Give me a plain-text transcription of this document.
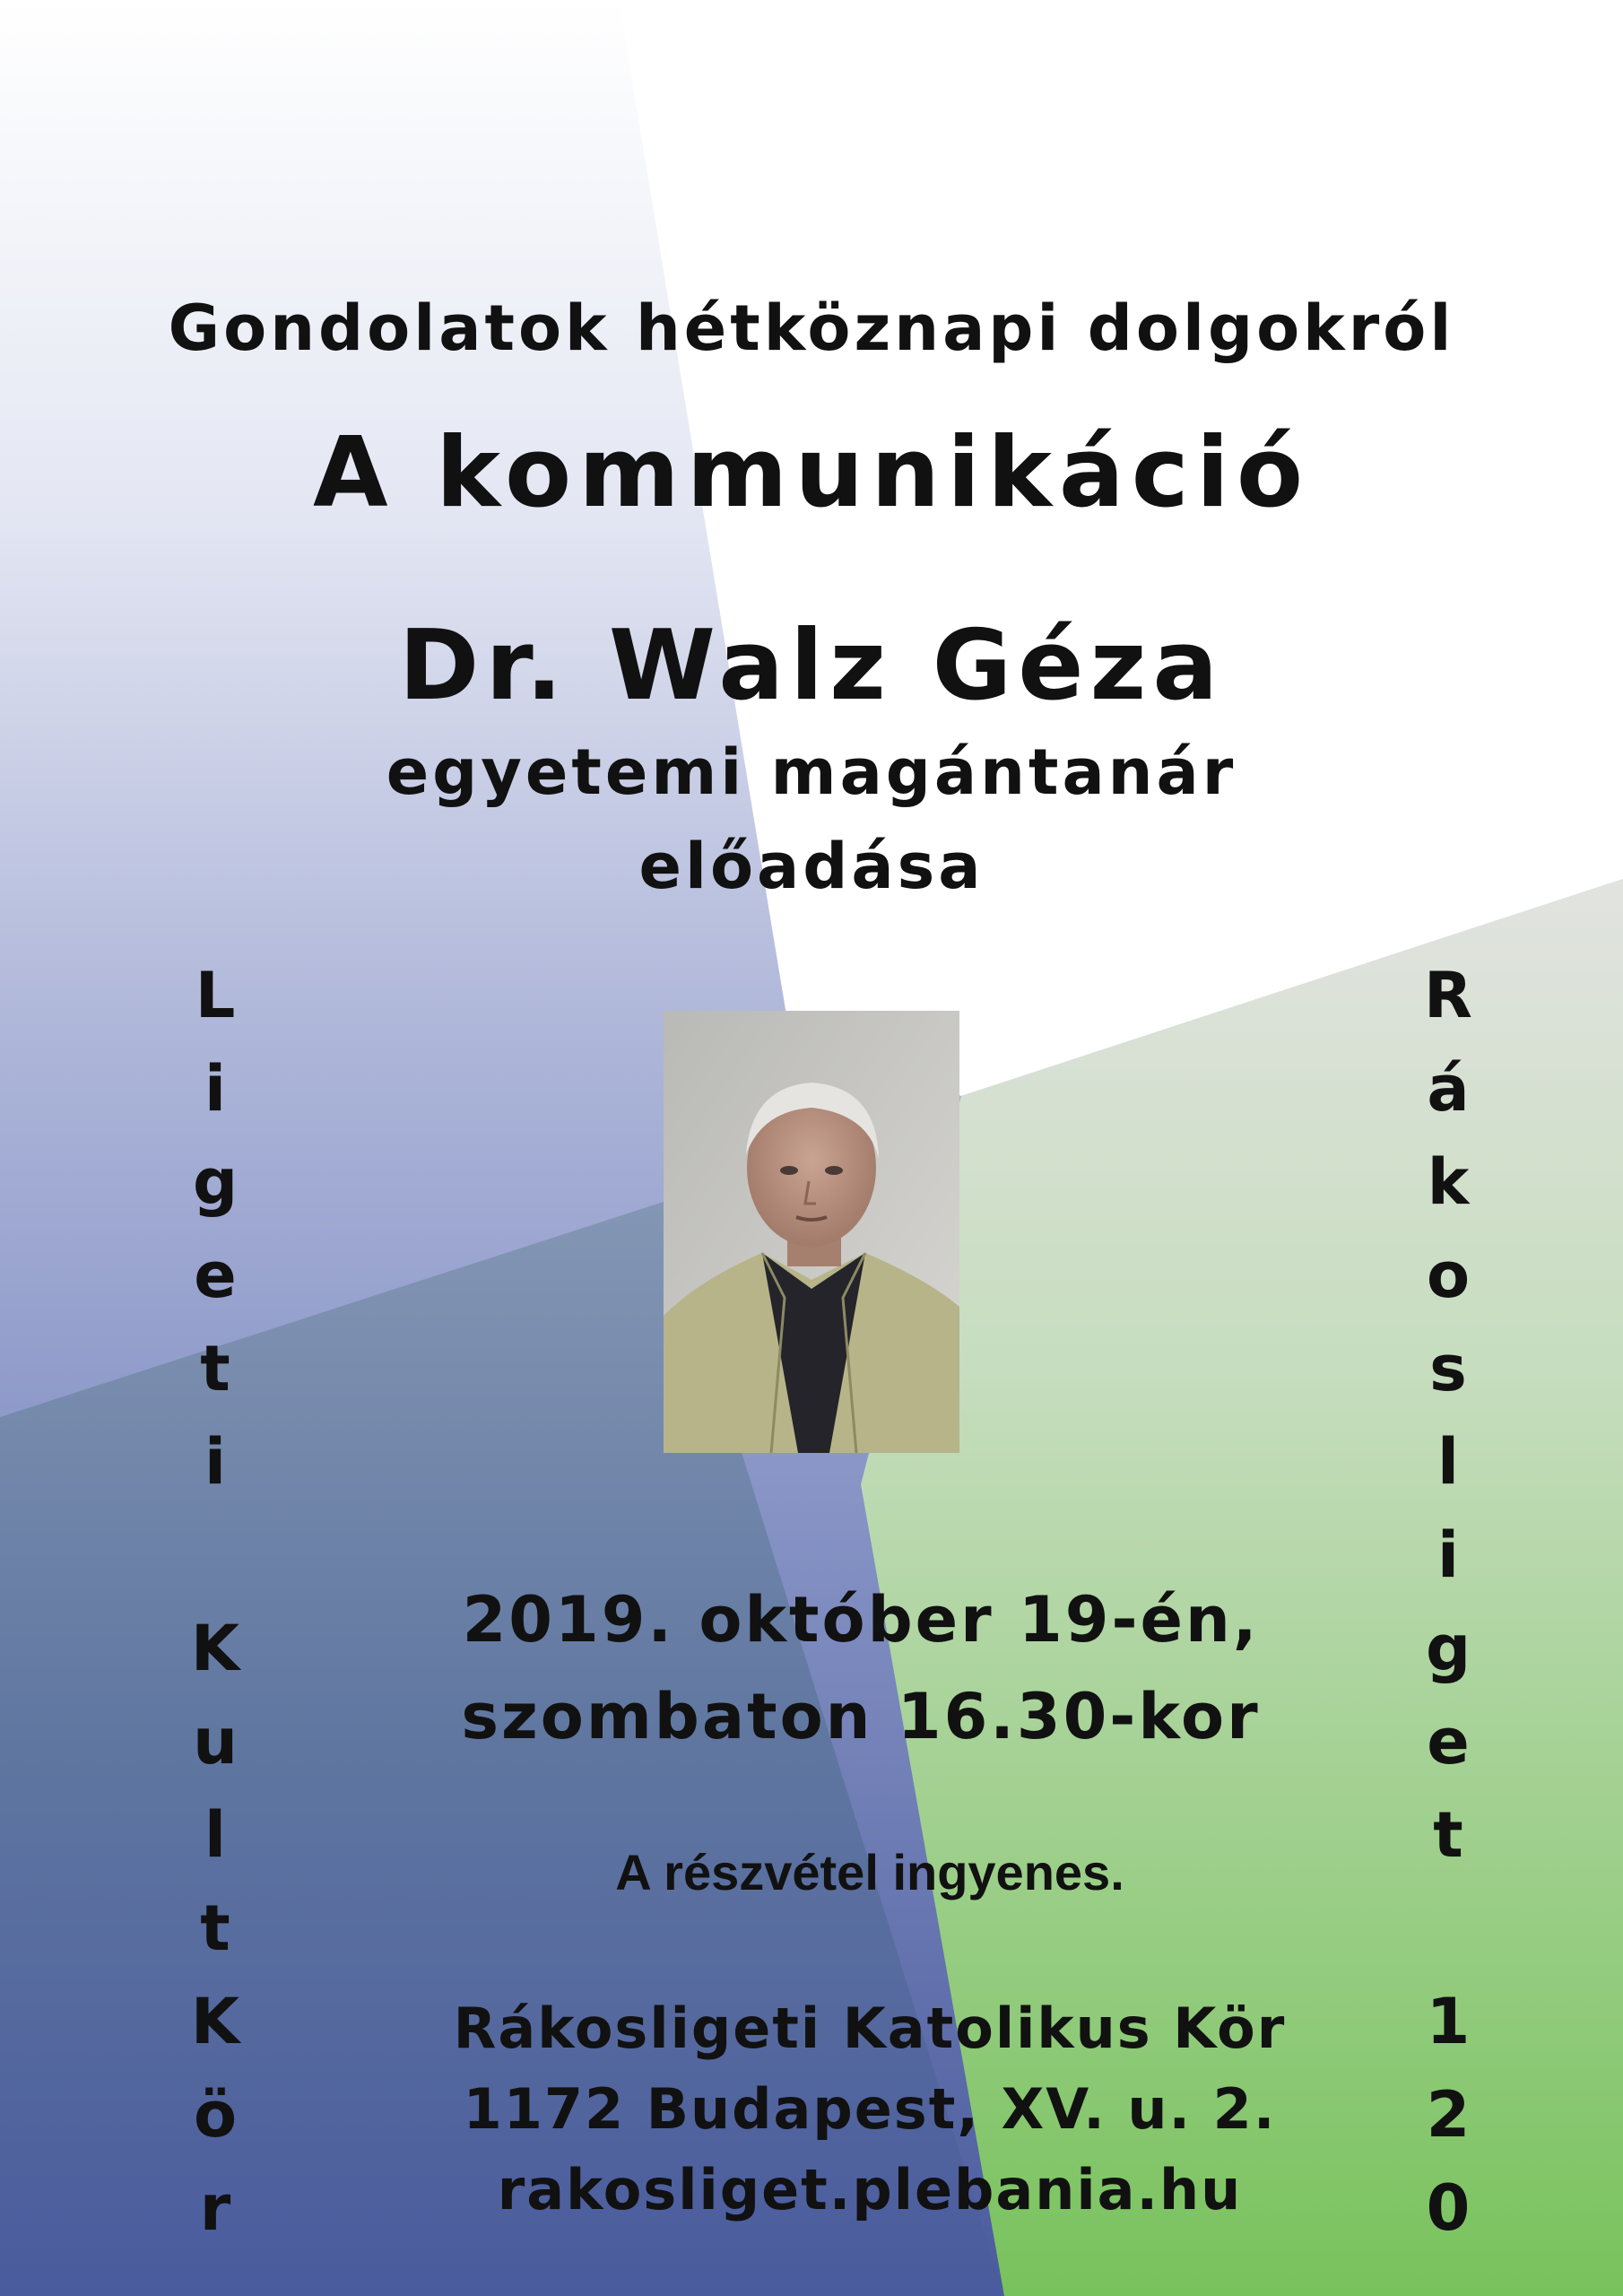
Gondolatok hétköznapi dolgokról
A kommunikáció
Dr. Walz Géza
egyetemi magántanár
előadása
2019. október 19-én,
szombaton 16.30-kor
A részvétel ingyenes.
Rákosligeti Katolikus Kör
1172 Budapest, XV. u. 2.
rakosliget.plebania.hu
L
i
g
e
t
i

K
u
l
t
K
ö
r
R
á
k
o
s
l
i
g
e
t

1
2
0
